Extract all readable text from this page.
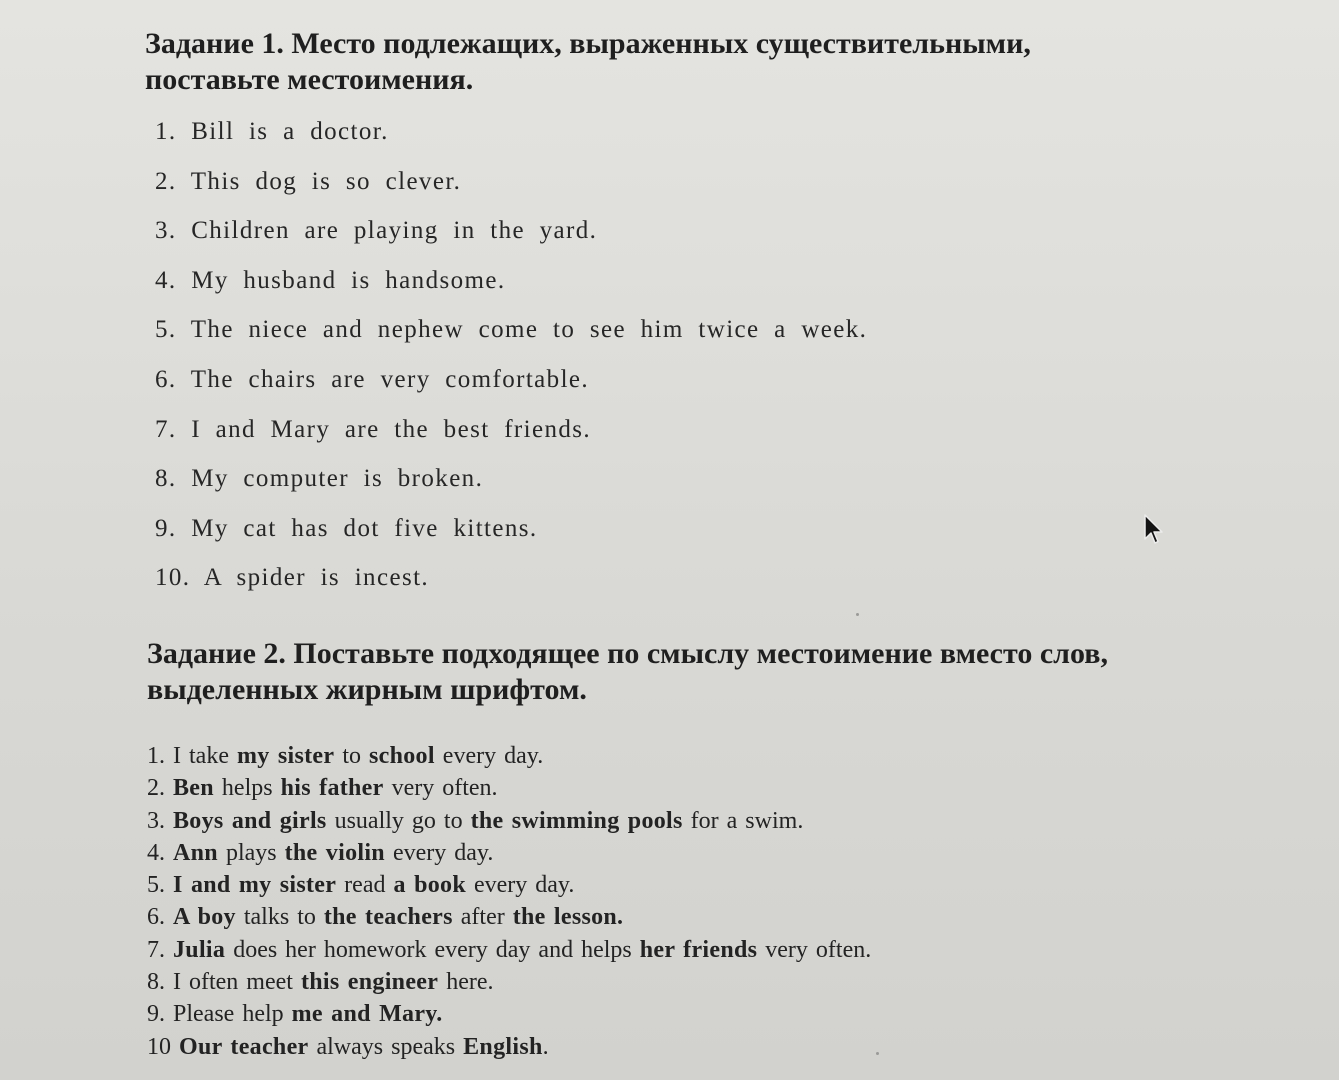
Задание 1. Место подлежащих, выраженных существительными,
поставьте местоимения.
1. Bill is a doctor.
2. This dog is so clever.
3. Children are playing in the yard.
4. My husband is handsome.
5. The niece and nephew come to see him twice a week.
6. The chairs are very comfortable.
7. I and Mary are the best friends.
8. My computer is broken.
9. My cat has dot five kittens.
10. A spider is incest.
Задание 2. Поставьте подходящее по смыслу местоимение вместо слов,
выделенных жирным шрифтом.
1. I take my sister to school every day.
2. Ben helps his father very often.
3. Boys and girls usually go to the swimming pools for a swim.
4. Ann plays the violin every day.
5. I and my sister read a book every day.
6. A boy talks to the teachers after the lesson.
7. Julia does her homework every day and helps her friends very often.
8. I often meet this engineer here.
9. Please help me and Mary.
10 Our teacher always speaks English.
